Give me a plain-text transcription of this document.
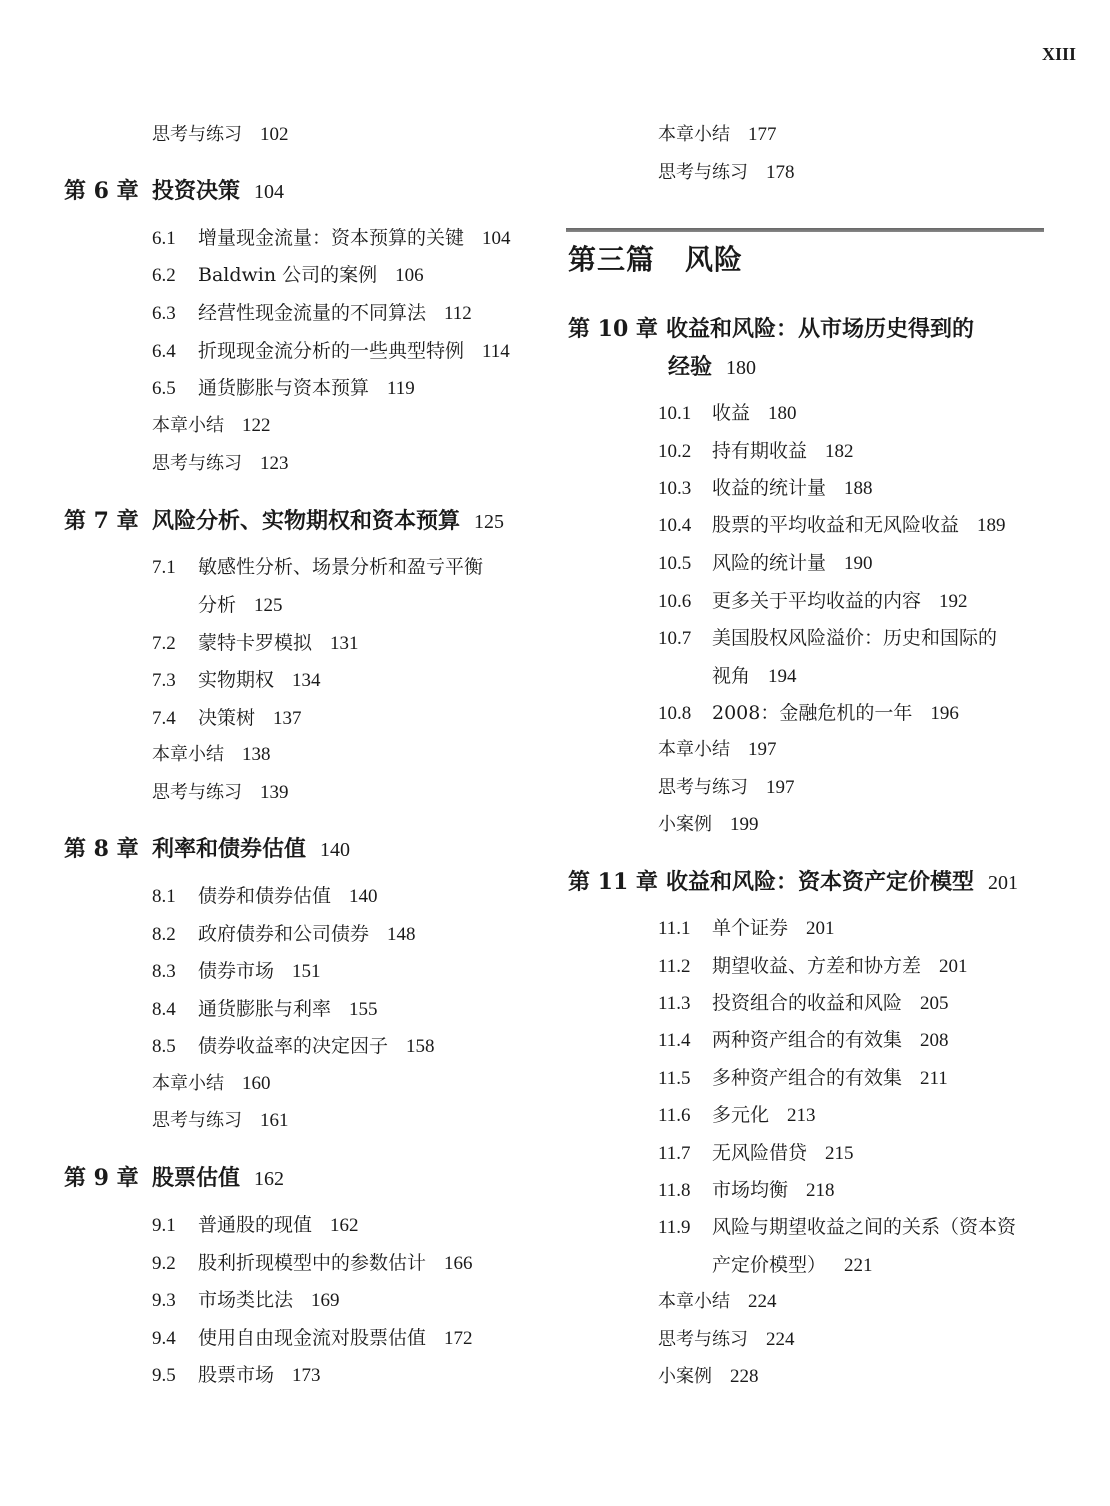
XIII
思考与练习 102
第 6 章 投资决策 104
6.1 增量现金流量：资本预算的关键 104
6.2 Baldwin 公司的案例 106
6.3 经营性现金流量的不同算法 112
6.4 折现现金流分析的一些典型特例 114
6.5 通货膨胀与资本预算 119
本章小结 122
思考与练习 123
第 7 章 风险分析、实物期权和资本预算 125
7.1 敏感性分析、场景分析和盈亏平衡
分析 125
7.2 蒙特卡罗模拟 131
7.3 实物期权 134
7.4 决策树 137
本章小结 138
思考与练习 139
第 8 章 利率和债券估值 140
8.1 债券和债券估值 140
8.2 政府债券和公司债券 148
8.3 债券市场 151
8.4 通货膨胀与利率 155
8.5 债券收益率的决定因子 158
本章小结 160
思考与练习 161
第 9 章 股票估值 162
9.1 普通股的现值 162
9.2 股利折现模型中的参数估计 166
9.3 市场类比法 169
9.4 使用自由现金流对股票估值 172
9.5 股票市场 173
本章小结 177
思考与练习 178
第三篇 风险
第 10 章 收益和风险：从市场历史得到的
经验 180
10.1 收益 180
10.2 持有期收益 182
10.3 收益的统计量 188
10.4 股票的平均收益和无风险收益 189
10.5 风险的统计量 190
10.6 更多关于平均收益的内容 192
10.7 美国股权风险溢价：历史和国际的
视角 194
10.8 2008：金融危机的一年 196
本章小结 197
思考与练习 197
小案例 199
第 11 章 收益和风险：资本资产定价模型 201
11.1 单个证券 201
11.2 期望收益、方差和协方差 201
11.3 投资组合的收益和风险 205
11.4 两种资产组合的有效集 208
11.5 多种资产组合的有效集 211
11.6 多元化 213
11.7 无风险借贷 215
11.8 市场均衡 218
11.9 风险与期望收益之间的关系（资本资
产定价模型） 221
本章小结 224
思考与练习 224
小案例 228
